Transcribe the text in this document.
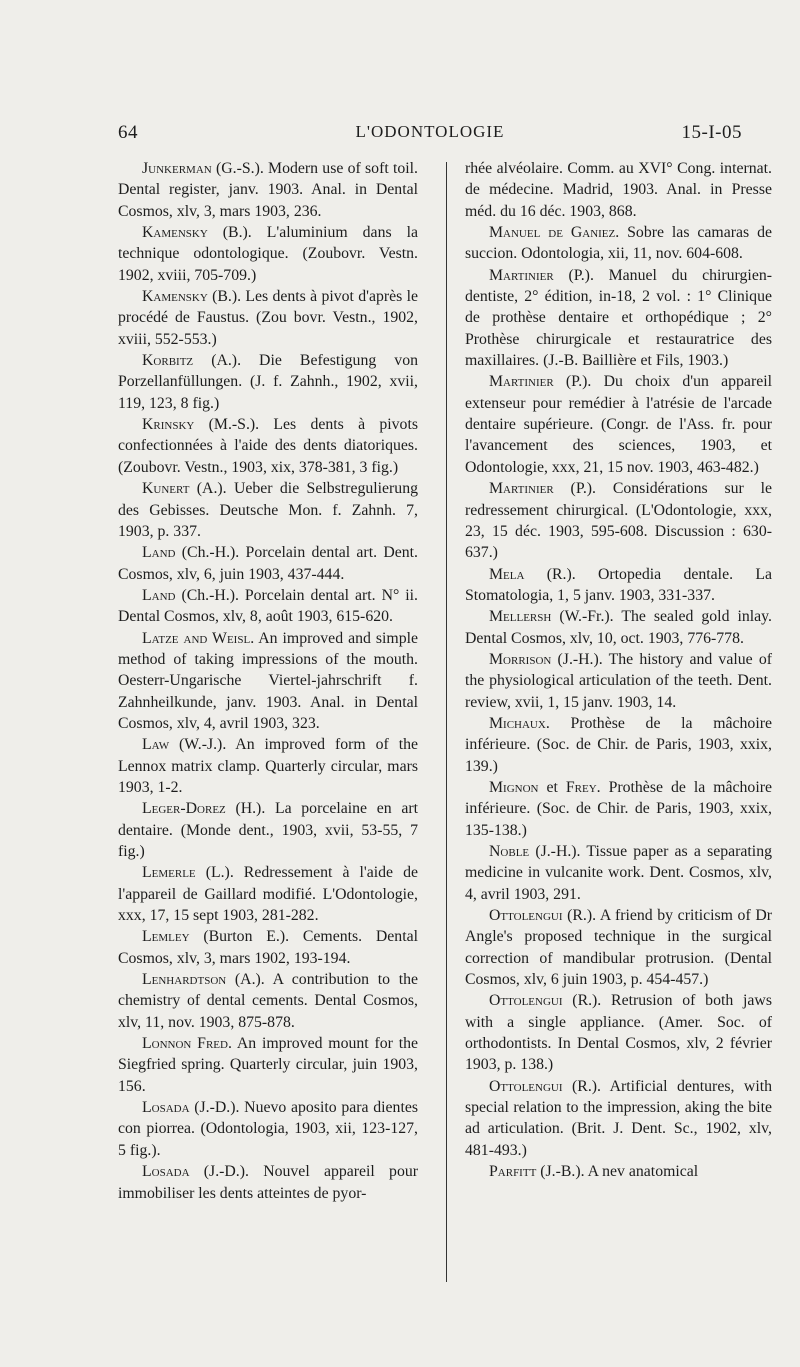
64	L'ODONTOLOGIE	15-I-05

Junkerman (G.-S.). Modern use of soft toil. Dental register, janv. 1903. Anal. in Dental Cosmos, xlv, 3, mars 1903, 236.

Kamensky (B.). L'aluminium dans la technique odontologique. (Zoubovr. Vestn. 1902, xviii, 705-709.)

Kamensky (B.). Les dents à pivot d'après le procédé de Faustus. (Zou bovr. Vestn., 1902, xviii, 552-553.)

Korbitz (A.). Die Befestigung von Porzellanfüllungen. (J. f. Zahnh., 1902, xvii, 119, 123, 8 fig.)

Krinsky (M.-S.). Les dents à pivots confectionnées à l'aide des dents diatoriques. (Zoubovr. Vestn., 1903, xix, 378-381, 3 fig.)

Kunert (A.). Ueber die Selbstregulierung des Gebisses. Deutsche Mon. f. Zahnh. 7, 1903, p. 337.

Land (Ch.-H.). Porcelain dental art. Dent. Cosmos, xlv, 6, juin 1903, 437-444.

Land (Ch.-H.). Porcelain dental art. N° ii. Dental Cosmos, xlv, 8, août 1903, 615-620.

Latze and Weisl. An improved and simple method of taking impressions of the mouth. Oesterr-Ungarische Viertel-jahrschrift f. Zahnheilkunde, janv. 1903. Anal. in Dental Cosmos, xlv, 4, avril 1903, 323.

Law (W.-J.). An improved form of the Lennox matrix clamp. Quarterly circular, mars 1903, 1-2.

Leger-Dorez (H.). La porcelaine en art dentaire. (Monde dent., 1903, xvii, 53-55, 7 fig.)

Lemerle (L.). Redressement à l'aide de l'appareil de Gaillard modifié. L'Odontologie, xxx, 17, 15 sept 1903, 281-282.

Lemley (Burton E.). Cements. Dental Cosmos, xlv, 3, mars 1902, 193-194.

Lenhardtson (A.). A contribution to the chemistry of dental cements. Dental Cosmos, xlv, 11, nov. 1903, 875-878.

Lonnon Fred. An improved mount for the Siegfried spring. Quarterly circular, juin 1903, 156.

Losada (J.-D.). Nuevo aposito para dientes con piorrea. (Odontologia, 1903, xii, 123-127, 5 fig.).

Losada (J.-D.). Nouvel appareil pour immobiliser les dents atteintes de pyor-

rhée alvéolaire. Comm. au XVI° Cong. internat. de médecine. Madrid, 1903. Anal. in Presse méd. du 16 déc. 1903, 868.

Manuel de Ganiez. Sobre las camaras de succion. Odontologia, xii, 11, nov. 604-608.

Martinier (P.). Manuel du chirurgien-dentiste, 2° édition, in-18, 2 vol. : 1° Clinique de prothèse dentaire et orthopédique ; 2° Prothèse chirurgicale et restauratrice des maxillaires. (J.-B. Baillière et Fils, 1903.)

Martinier (P.). Du choix d'un appareil extenseur pour remédier à l'atrésie de l'arcade dentaire supérieure. (Congr. de l'Ass. fr. pour l'avancement des sciences, 1903, et Odontologie, xxx, 21, 15 nov. 1903, 463-482.)

Martinier (P.). Considérations sur le redressement chirurgical. (L'Odontologie, xxx, 23, 15 déc. 1903, 595-608. Discussion : 630-637.)

Mela (R.). Ortopedia dentale. La Stomatologia, 1, 5 janv. 1903, 331-337.

Mellersh (W.-Fr.). The sealed gold inlay. Dental Cosmos, xlv, 10, oct. 1903, 776-778.

Morrison (J.-H.). The history and value of the physiological articulation of the teeth. Dent. review, xvii, 1, 15 janv. 1903, 14.

Michaux. Prothèse de la mâchoire inférieure. (Soc. de Chir. de Paris, 1903, xxix, 139.)

Mignon et Frey. Prothèse de la mâchoire inférieure. (Soc. de Chir. de Paris, 1903, xxix, 135-138.)

Noble (J.-H.). Tissue paper as a separating medicine in vulcanite work. Dent. Cosmos, xlv, 4, avril 1903, 291.

Ottolengui (R.). A friend by criticism of Dr Angle's proposed technique in the surgical correction of mandibular protrusion. (Dental Cosmos, xlv, 6 juin 1903, p. 454-457.)

Ottolengui (R.). Retrusion of both jaws with a single appliance. (Amer. Soc. of orthodontists. In Dental Cosmos, xlv, 2 février 1903, p. 138.)

Ottolengui (R.). Artificial dentures, with special relation to the impression, aking the bite ad articulation. (Brit. J. Dent. Sc., 1902, xlv, 481-493.)

Parfitt (J.-B.). A nev anatomical
